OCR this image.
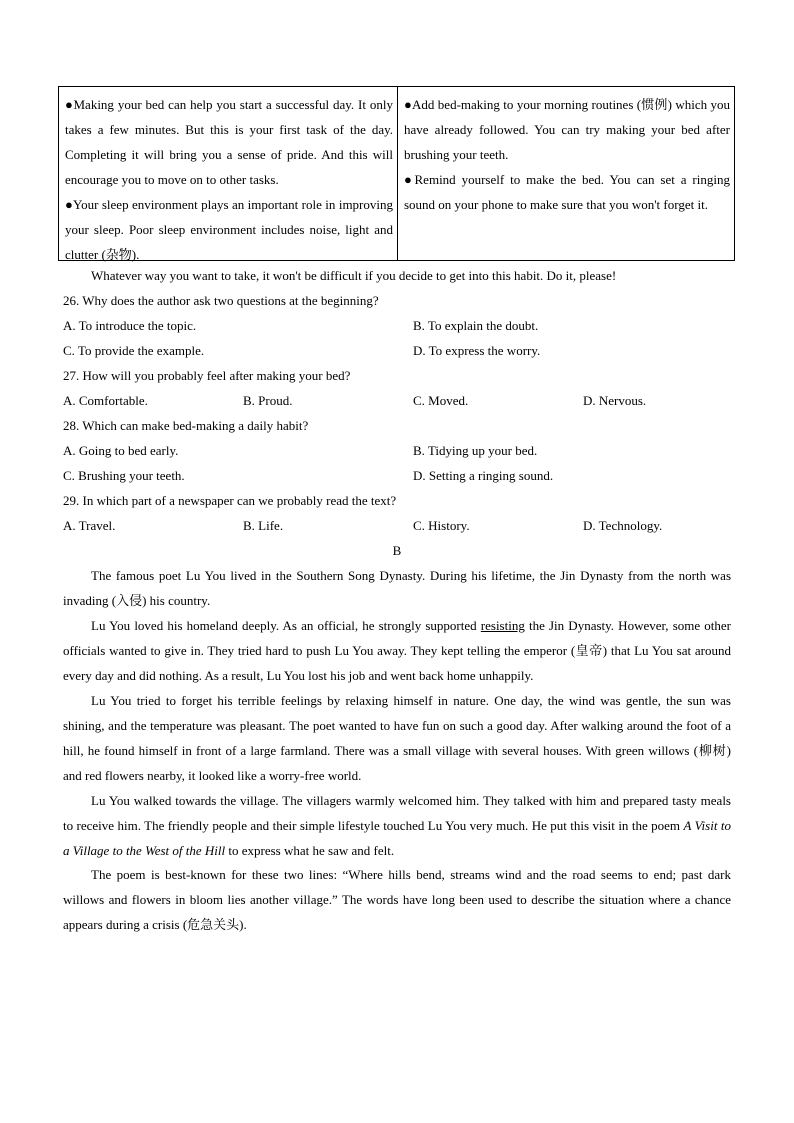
●Making your bed can help you start a successful day. It only takes a few minutes. But this is your first task of the day. Completing it will bring you a sense of pride. And this will encourage you to move on to other tasks.

●Your sleep environment plays an important role in improving your sleep. Poor sleep environment includes noise, light and clutter (杂物).

●Add bed-making to your morning routines (惯例) which you have already followed. You can try making your bed after brushing your teeth.

●Remind yourself to make the bed. You can set a ringing sound on your phone to make sure that you won't forget it.

Whatever way you want to take, it won't be difficult if you decide to get into this habit. Do it, please!

26. Why does the author ask two questions at the beginning?

A. To introduce the topic.	B. To explain the doubt.
C. To provide the example.	D. To express the worry.

27. How will you probably feel after making your bed?

A. Comfortable.	B. Proud.	C. Moved.	D. Nervous.

28. Which can make bed-making a daily habit?

A. Going to bed early.	B. Tidying up your bed.
C. Brushing your teeth.	D. Setting a ringing sound.

29. In which part of a newspaper can we probably read the text?

A. Travel.	B. Life.	C. History.	D. Technology.
B

The famous poet Lu You lived in the Southern Song Dynasty. During his lifetime, the Jin Dynasty from the north was invading (入侵) his country.

Lu You loved his homeland deeply. As an official, he strongly supported resisting the Jin Dynasty. However, some other officials wanted to give in. They tried hard to push Lu You away. They kept telling the emperor (皇帝) that Lu You sat around every day and did nothing. As a result, Lu You lost his job and went back home unhappily.

Lu You tried to forget his terrible feelings by relaxing himself in nature. One day, the wind was gentle, the sun was shining, and the temperature was pleasant. The poet wanted to have fun on such a good day. After walking around the foot of a hill, he found himself in front of a large farmland. There was a small village with several houses. With green willows (柳树) and red flowers nearby, it looked like a worry-free world.

Lu You walked towards the village. The villagers warmly welcomed him. They talked with him and prepared tasty meals to receive him. The friendly people and their simple lifestyle touched Lu You very much. He put this visit in the poem A Visit to a Village to the West of the Hill to express what he saw and felt.

The poem is best-known for these two lines: “Where hills bend, streams wind and the road seems to end; past dark willows and flowers in bloom lies another village.” The words have long been used to describe the situation where a chance appears during a crisis (危急关头).
